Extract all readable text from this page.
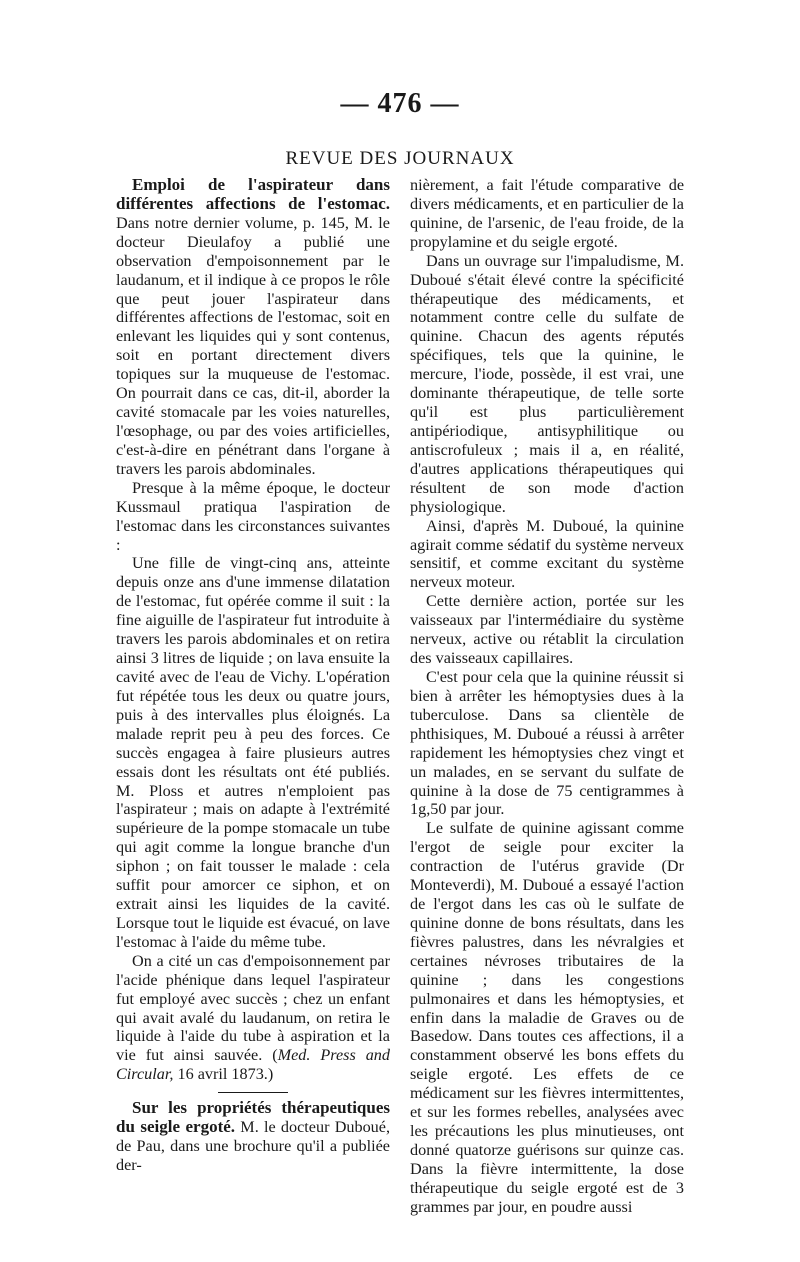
— 476 —
REVUE DES JOURNAUX

Emploi de l'aspirateur dans différentes affections de l'estomac. Dans notre dernier volume, p. 145, M. le docteur Dieulafoy a publié une observation d'empoisonnement par le laudanum, et il indique à ce propos le rôle que peut jouer l'aspirateur dans différentes affections de l'estomac, soit en enlevant les liquides qui y sont contenus, soit en portant directement divers topiques sur la muqueuse de l'estomac. On pourrait dans ce cas, dit-il, aborder la cavité stomacale par les voies naturelles, l'œsophage, ou par des voies artificielles, c'est-à-dire en pénétrant dans l'organe à travers les parois abdominales.

Presque à la même époque, le docteur Kussmaul pratiqua l'aspiration de l'estomac dans les circonstances suivantes :

Une fille de vingt-cinq ans, atteinte depuis onze ans d'une immense dilatation de l'estomac, fut opérée comme il suit : la fine aiguille de l'aspirateur fut introduite à travers les parois abdominales et on retira ainsi 3 litres de liquide ; on lava ensuite la cavité avec de l'eau de Vichy. L'opération fut répétée tous les deux ou quatre jours, puis à des intervalles plus éloignés. La malade reprit peu à peu des forces. Ce succès engagea à faire plusieurs autres essais dont les résultats ont été publiés. M. Ploss et autres n'emploient pas l'aspirateur ; mais on adapte à l'extrémité supérieure de la pompe stomacale un tube qui agit comme la longue branche d'un siphon ; on fait tousser le malade : cela suffit pour amorcer ce siphon, et on extrait ainsi les liquides de la cavité. Lorsque tout le liquide est évacué, on lave l'estomac à l'aide du même tube.

On a cité un cas d'empoisonnement par l'acide phénique dans lequel l'aspirateur fut employé avec succès ; chez un enfant qui avait avalé du laudanum, on retira le liquide à l'aide du tube à aspiration et la vie fut ainsi sauvée. (Med. Press and Circular, 16 avril 1873.)

Sur les propriétés thérapeutiques du seigle ergoté. M. le docteur Duboué, de Pau, dans une brochure qu'il a publiée der-

nièrement, a fait l'étude comparative de divers médicaments, et en particulier de la quinine, de l'arsenic, de l'eau froide, de la propylamine et du seigle ergoté.

Dans un ouvrage sur l'impaludisme, M. Duboué s'était élevé contre la spécificité thérapeutique des médicaments, et notamment contre celle du sulfate de quinine. Chacun des agents réputés spécifiques, tels que la quinine, le mercure, l'iode, possède, il est vrai, une dominante thérapeutique, de telle sorte qu'il est plus particulièrement antipériodique, antisyphilitique ou antiscrofuleux ; mais il a, en réalité, d'autres applications thérapeutiques qui résultent de son mode d'action physiologique.

Ainsi, d'après M. Duboué, la quinine agirait comme sédatif du système nerveux sensitif, et comme excitant du système nerveux moteur.

Cette dernière action, portée sur les vaisseaux par l'intermédiaire du système nerveux, active ou rétablit la circulation des vaisseaux capillaires.

C'est pour cela que la quinine réussit si bien à arrêter les hémoptysies dues à la tuberculose. Dans sa clientèle de phthisiques, M. Duboué a réussi à arrêter rapidement les hémoptysies chez vingt et un malades, en se servant du sulfate de quinine à la dose de 75 centigrammes à 1g,50 par jour.

Le sulfate de quinine agissant comme l'ergot de seigle pour exciter la contraction de l'utérus gravide (Dr Monteverdi), M. Duboué a essayé l'action de l'ergot dans les cas où le sulfate de quinine donne de bons résultats, dans les fièvres palustres, dans les névralgies et certaines névroses tributaires de la quinine ; dans les congestions pulmonaires et dans les hémoptysies, et enfin dans la maladie de Graves ou de Basedow. Dans toutes ces affections, il a constamment observé les bons effets du seigle ergoté. Les effets de ce médicament sur les fièvres intermittentes, et sur les formes rebelles, analysées avec les précautions les plus minutieuses, ont donné quatorze guérisons sur quinze cas. Dans la fièvre intermittente, la dose thérapeutique du seigle ergoté est de 3 grammes par jour, en poudre aussi
